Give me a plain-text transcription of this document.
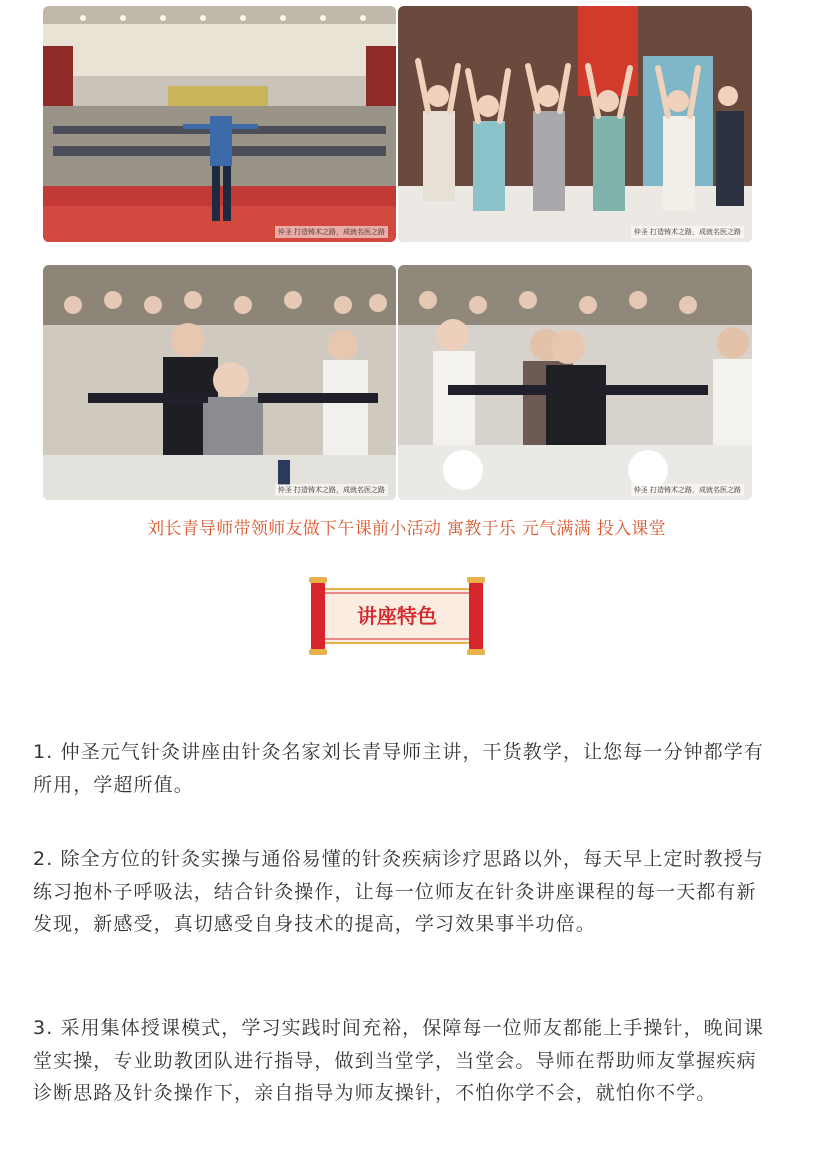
仲圣 打造铸术之路，成就名医之路	仲圣 打造铸术之路，成就名医之路
仲圣 打造铸术之路，成就名医之路	仲圣 打造铸术之路，成就名医之路
刘长青导师带领师友做下午课前小活动 寓教于乐 元气满满 投入课堂
讲座特色

1. 仲圣元气针灸讲座由针灸名家刘长青导师主讲，干货教学，让您每一分钟都学有所用，学超所值。

2. 除全方位的针灸实操与通俗易懂的针灸疾病诊疗思路以外，每天早上定时教授与练习抱朴子呼吸法，结合针灸操作，让每一位师友在针灸讲座课程的每一天都有新发现，新感受，真切感受自身技术的提高，学习效果事半功倍。

3. 采用集体授课模式，学习实践时间充裕，保障每一位师友都能上手操针，晚间课堂实操，专业助教团队进行指导，做到当堂学，当堂会。导师在帮助师友掌握疾病诊断思路及针灸操作下，亲自指导为师友操针，不怕你学不会，就怕你不学。
